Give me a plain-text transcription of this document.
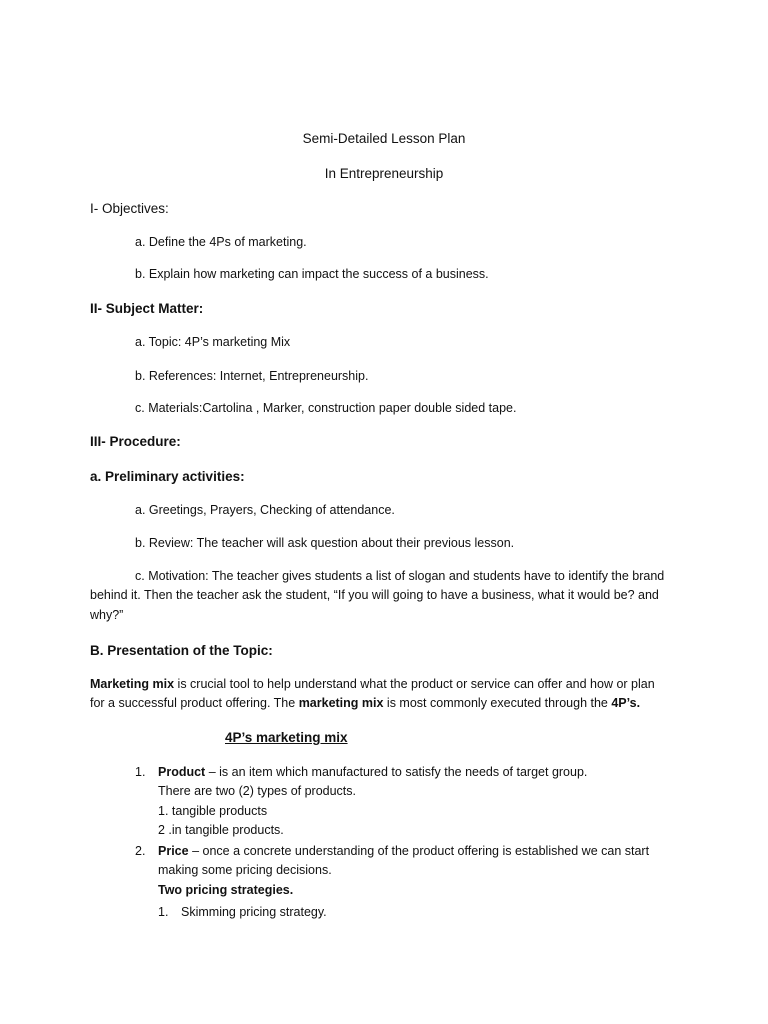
Semi-Detailed Lesson Plan
In Entrepreneurship
I- Objectives:
a. Define the 4Ps of marketing.
b. Explain how marketing can impact the success of a business.
II- Subject Matter:
a. Topic: 4P’s marketing Mix
b. References: Internet, Entrepreneurship.
c. Materials:Cartolina , Marker, construction paper double sided tape.
III- Procedure:
a. Preliminary activities:
a. Greetings, Prayers, Checking of attendance.
b. Review: The teacher will ask question about their previous lesson.
c. Motivation: The teacher gives students a list of slogan and students have to identify the brand
behind it. Then the teacher ask the student, “If you will going to have a business, what it would be? and
why?”
B. Presentation of the Topic:
Marketing mix is crucial tool to help understand what the product or service can offer and how or plan
for a successful product offering. The marketing mix is most commonly executed through the 4P’s.
4P’s marketing mix
1. Product – is an item which manufactured to satisfy the needs of target group.
There are two (2) types of products.
1. tangible products
2 .in tangible products.
2. Price – once a concrete understanding of the product offering is established we can start
making some pricing decisions.
Two pricing strategies.
1. Skimming pricing strategy.
